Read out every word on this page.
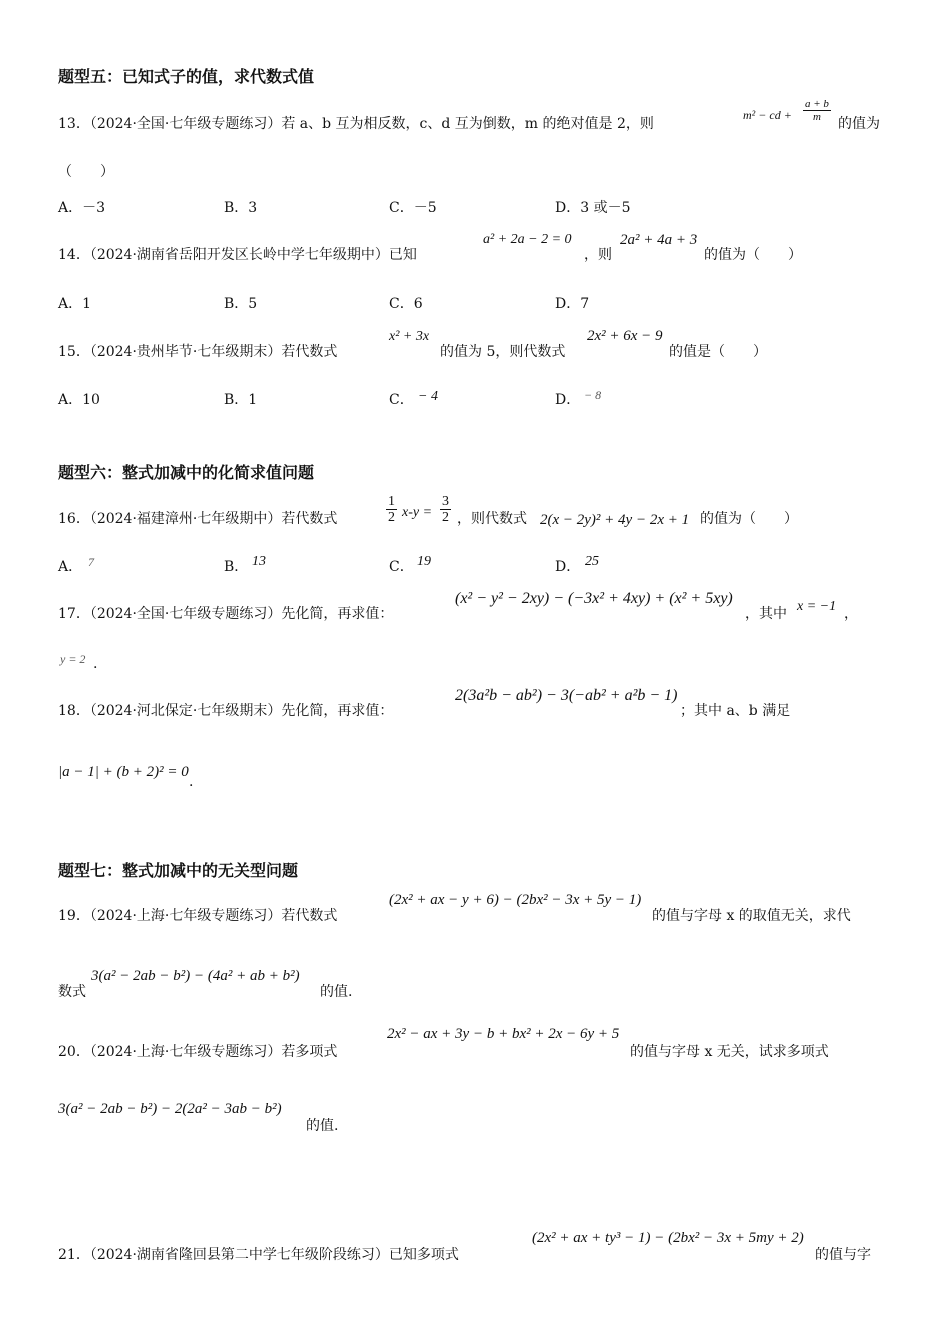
题型五：已知式子的值，求代数式值
13．（2024·全国·七年级专题练习）若 a、b 互为相反数，c、d 互为倒数，m 的绝对值是 2，则
m² − cd + $\frac{a + b}{m}$
的值为
（　　）
A．－3	B．3	C．－5	D．3 或－5
14．（2024·湖南省岳阳开发区长岭中学七年级期中）已知
a² + 2a − 2 = 0
，则
2a² + 4a + 3
的值为（　　）
A．1	B．5	C．6	D．7
15．（2024·贵州毕节·七年级期末）若代数式
x² + 3x
的值为 5，则代数式
2x² + 6x − 9
的值是（　　）
A．10	B．1	C． − 4	D． − 8
题型六：整式加减中的化简求值问题
16．（2024·福建漳州·七年级期中）若代数式	$\frac{1}{2} x-y = \frac{3}{2}$ ，则代数式 2(x − 2y)² + 4y − 2x + 1 的值为（　　）
A． 7	B． 13	C． 19	D． 25
17．（2024·全国·七年级专题练习）先化简，再求值：
(x² − y² − 2xy) − (−3x² + 4xy) + (x² + 5xy)
，其中 x = −1 ，
y = 2 .
18．（2024·河北保定·七年级期末）先化简，再求值：
2(3a²b − ab²) − 3(−ab² + a²b − 1)
；其中 a、b 满足
|a − 1| + (b + 2)² = 0
.
题型七：整式加减中的无关型问题
19．（2024·上海·七年级专题练习）若代数式
(2x² + ax − y + 6) − (2bx² − 3x + 5y − 1)
的值与字母 x 的取值无关，求代
数式
3(a² − 2ab − b²) − (4a² + ab + b²)
的值.
20．（2024·上海·七年级专题练习）若多项式
2x² − ax + 3y − b + bx² + 2x − 6y + 5
的值与字母 x 无关，试求多项式
3(a² − 2ab − b²) − 2(2a² − 3ab − b²)
的值.
21．（2024·湖南省隆回县第二中学七年级阶段练习）已知多项式
(2x² + ax + ty³ − 1) − (2bx² − 3x + 5my + 2)
的值与字
